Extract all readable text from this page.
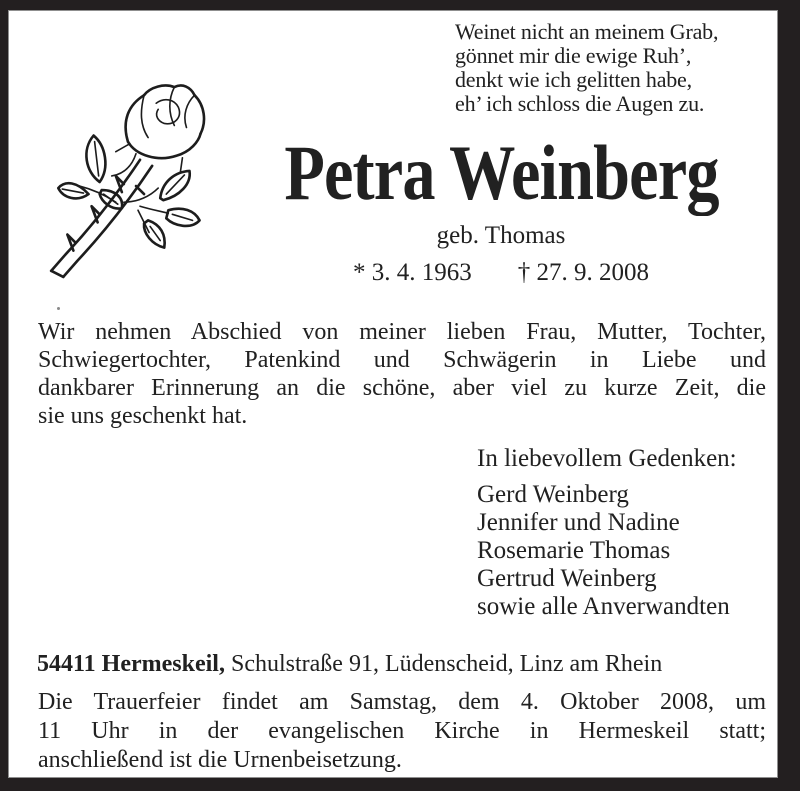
Weinet nicht an meinem Grab,
gönnet mir die ewige Ruh’,
denkt wie ich gelitten habe,
eh’ ich schloss die Augen zu.
Petra Weinberg
geb. Thomas
* 3. 4. 1963 † 27. 9. 2008
Wir nehmen Abschied von meiner lieben Frau, Mutter, Tochter,
Schwiegertochter, Patenkind und Schwägerin in Liebe und
dankbarer Erinnerung an die schöne, aber viel zu kurze Zeit, die
sie uns geschenkt hat.
In liebevollem Gedenken:
Gerd Weinberg
Jennifer und Nadine
Rosemarie Thomas
Gertrud Weinberg
sowie alle Anverwandten
54411 Hermeskeil, Schulstraße 91, Lüdenscheid, Linz am Rhein
Die Trauerfeier findet am Samstag, dem 4. Oktober 2008, um
11 Uhr in der evangelischen Kirche in Hermeskeil statt;
anschließend ist die Urnenbeisetzung.
